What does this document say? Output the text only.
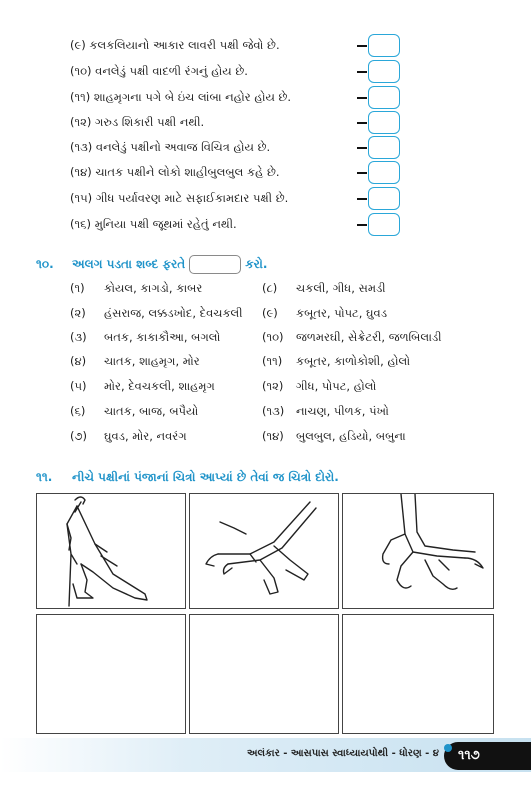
(૯) કલકલિયાનો આકાર લાવરી પક્ષી જેવો છે.
(૧૦) વનલેડું પક્ષી વાદળી રંગનું હોય છે.
(૧૧) શાહમૃગના પગે બે ઇંચ લાંબા નહોર હોય છે.
(૧૨) ગરુડ શિકારી પક્ષી નથી.
(૧૩) વનલેડું પક્ષીનો અવાજ વિચિત્ર હોય છે.
(૧૪) ચાતક પક્ષીને લોકો શાહીબુલબુલ કહે છે.
(૧૫) ગીધ પર્યાવરણ માટે સફાઈકામદાર પક્ષી છે.
(૧૬) મુનિયા પક્ષી જૂથમાં રહેતું નથી.
૧૦. અલગ પડતા શબ્દ ફરતે	કરો.
(૧) કોયલ, કાગડો, કાબર
(૨) હંસરાજ, લક્કડખોદ, દેવચકલી
(૩) બતક, કાકાકૌઆ, બગલો
(૪) ચાતક, શાહમૃગ, મોર
(૫) મોર, દેવચકલી, શાહમૃગ
(૬) ચાતક, બાજ, બપૈયો
(૭) ઘુવડ, મોર, નવરંગ
(૮) ચકલી, ગીધ, સમડી
(૯) કબૂતર, પોપટ, ઘુવડ
(૧૦) જળમરઘી, સેક્રેટરી, જળબિલાડી
(૧૧) કબૂતર, કાળોકોશી, હોલો
(૧૨) ગીધ, પોપટ, હોલો
(૧૩) નાચણ, પીળક, પંખો
(૧૪) બુલબુલ, હડિયો, બબુના
૧૧. નીચે પક્ષીનાં પંજાનાં ચિત્રો આપ્યાં છે તેવાં જ ચિત્રો દોરો.
અલંકાર - આસપાસ સ્વાધ્યાયપોથી - ધોરણ - ૪	૧૧૭
